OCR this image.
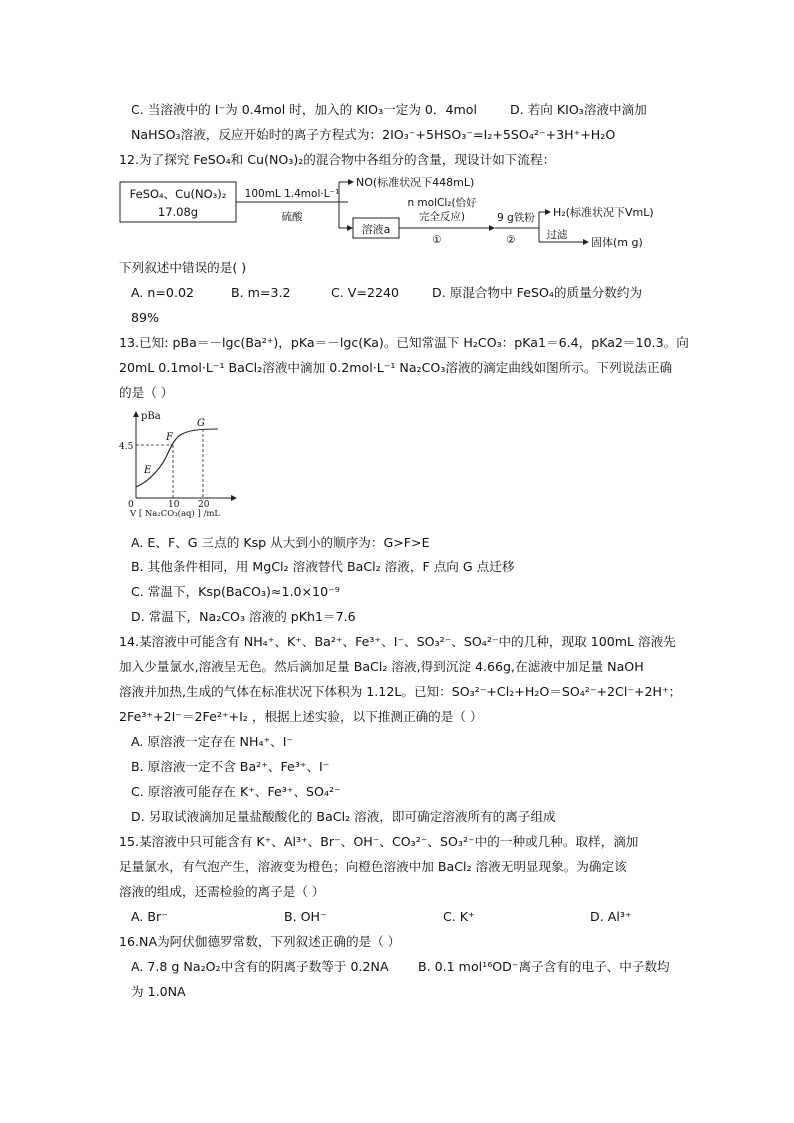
C. 当溶液中的 I⁻为 0.4mol 时，加入的 KIO₃一定为 0．4mol	D. 若向 KIO₃溶液中滴加
NaHSO₃溶液，反应开始时的离子方程式为：2IO₃⁻+5HSO₃⁻=I₂+5SO₄²⁻+3H⁺+H₂O
12.为了探究 FeSO₄和 Cu(NO₃)₂的混合物中各组分的含量，现设计如下流程：
FeSO₄、Cu(NO₃)₂
17.08g
100mL 1.4mol·L⁻¹
硫酸
NO(标准状况下448mL)
溶液a
n molCl₂(恰好
完全反应)
①
9 g铁粉
②
H₂(标准状况下VmL)
过滤
固体(m g)
下列叙述中错误的是( )
A. n=0.02	B. m=3.2	C. V=2240	D. 原混合物中 FeSO₄的质量分数约为
89%
13.已知: pBa＝－lgc(Ba²⁺)，pKa＝－lgc(Ka)。已知常温下 H₂CO₃：pKa1＝6.4，pKa2＝10.3。向
20mL 0.1mol·L⁻¹ BaCl₂溶液中滴加 0.2mol·L⁻¹ Na₂CO₃溶液的滴定曲线如图所示。下列说法正确
的是（ ）
pBa
4.5
0	10 20
E
F
G
V [ Na₂CO₃(aq) ] /mL
A. E、F、G 三点的 Ksp 从大到小的顺序为：G>F>E
B. 其他条件相同，用 MgCl₂ 溶液替代 BaCl₂ 溶液，F 点向 G 点迁移
C. 常温下，Ksp(BaCO₃)≈1.0×10⁻⁹
D. 常温下，Na₂CO₃ 溶液的 pKh1＝7.6
14.某溶液中可能含有 NH₄⁺、K⁺、Ba²⁺、Fe³⁺、I⁻、SO₃²⁻、SO₄²⁻中的几种，现取 100mL 溶液先
加入少量氯水,溶液呈无色。然后滴加足量 BaCl₂ 溶液,得到沉淀 4.66g,在滤液中加足量 NaOH
溶液并加热,生成的气体在标准状况下体积为 1.12L。已知：SO₃²⁻+Cl₂+H₂O＝SO₄²⁻+2Cl⁻+2H⁺；
2Fe³⁺+2I⁻＝2Fe²⁺+I₂ ，根据上述实验，以下推测正确的是（ ）
A. 原溶液一定存在 NH₄⁺、I⁻
B. 原溶液一定不含 Ba²⁺、Fe³⁺、I⁻
C. 原溶液可能存在 K⁺、Fe³⁺、SO₄²⁻
D. 另取试液滴加足量盐酸酸化的 BaCl₂ 溶液，即可确定溶液所有的离子组成
15.某溶液中只可能含有 K⁺、Al³⁺、Br⁻、OH⁻、CO₃²⁻、SO₃²⁻中的一种或几种。取样，滴加
足量氯水，有气泡产生，溶液变为橙色；向橙色溶液中加 BaCl₂ 溶液无明显现象。为确定该
溶液的组成，还需检验的离子是（ ）
A. Br⁻	B. OH⁻	C. K⁺	D. Al³⁺
16.NA为阿伏伽德罗常数，下列叙述正确的是（ ）
A. 7.8 g Na₂O₂中含有的阴离子数等于 0.2NA B. 0.1 mol¹⁶OD⁻离子含有的电子、中子数均
为 1.0NA
